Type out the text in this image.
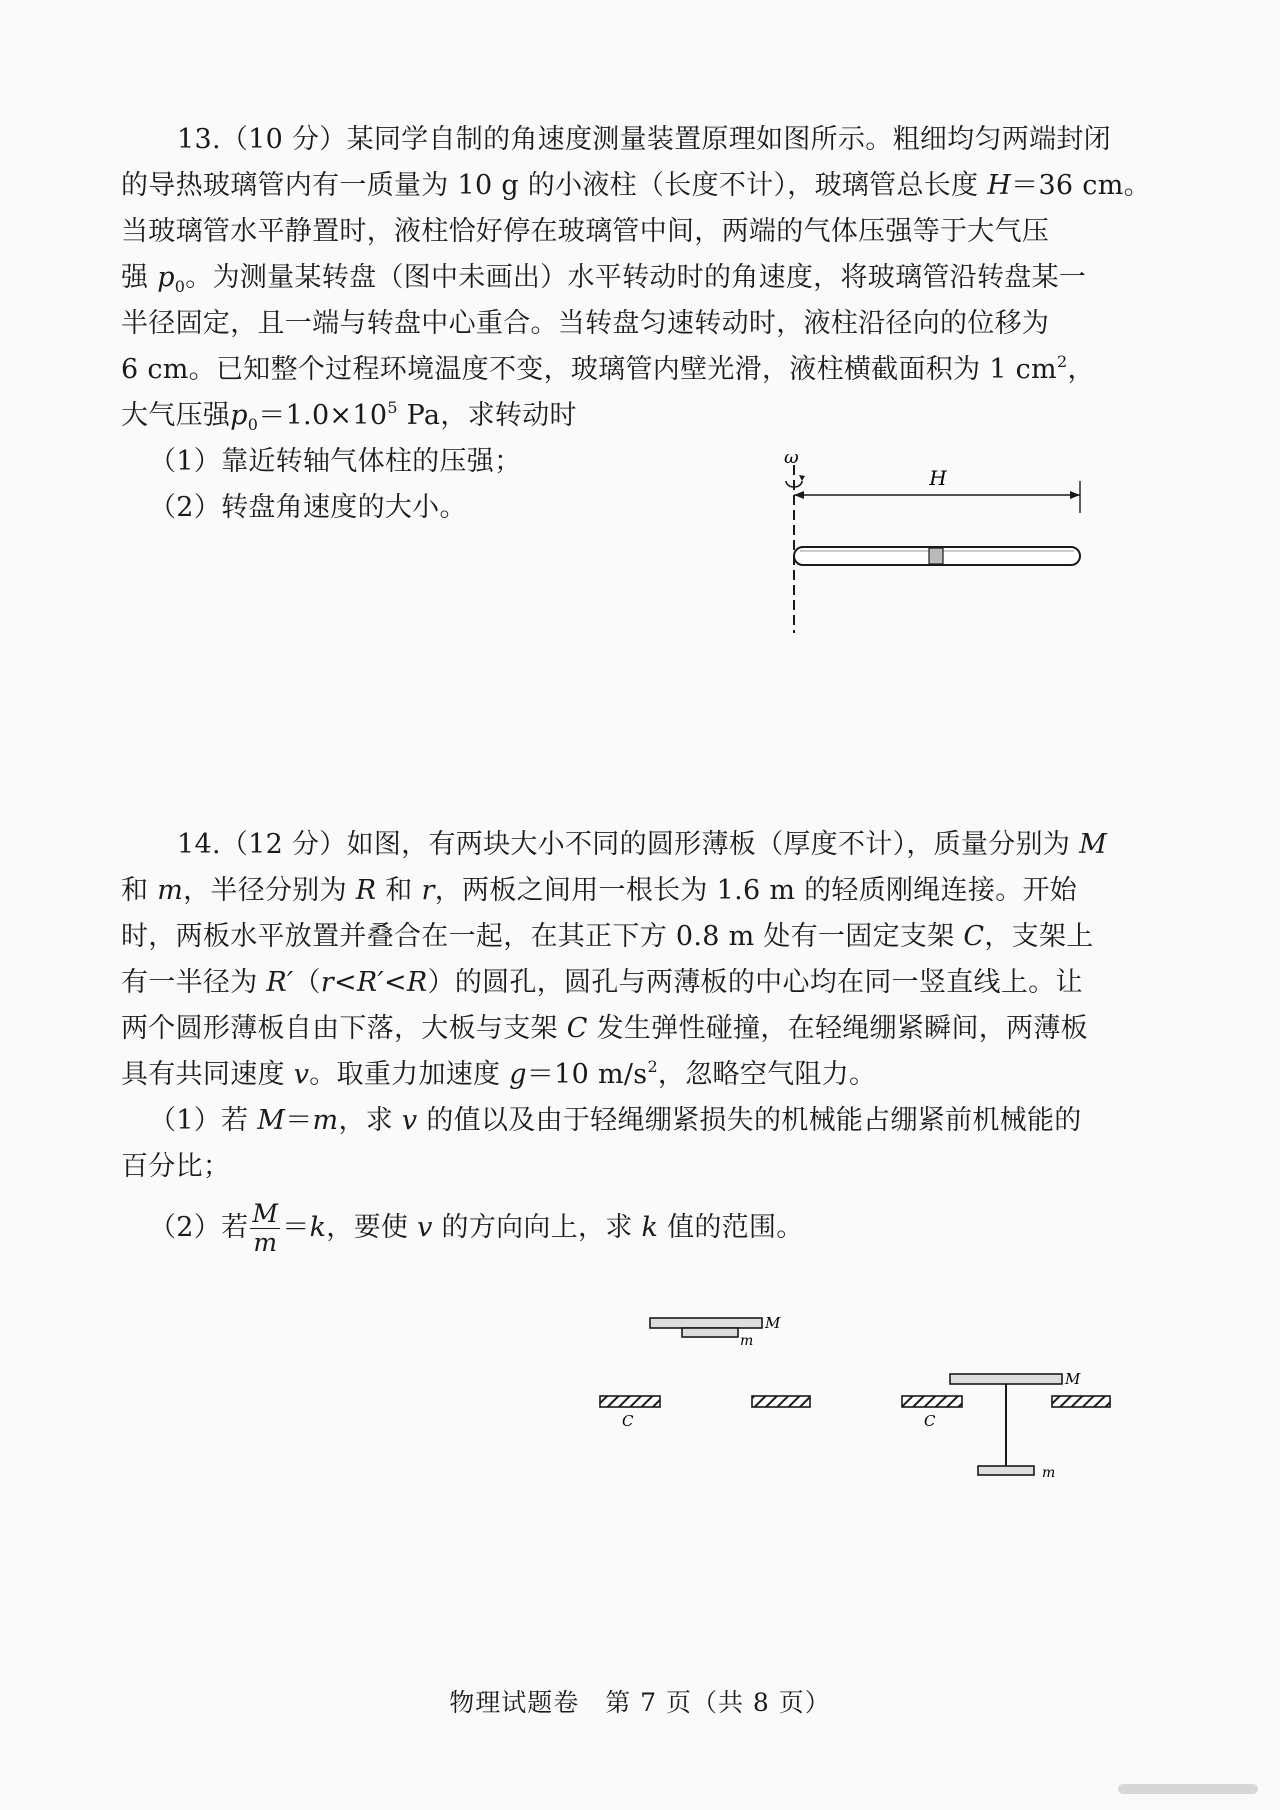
13.（10 分）某同学自制的角速度测量装置原理如图所示。粗细均匀两端封闭
的导热玻璃管内有一质量为 10 g 的小液柱（长度不计），玻璃管总长度 H＝36 cm。
当玻璃管水平静置时，液柱恰好停在玻璃管中间，两端的气体压强等于大气压
强 $p_0$。为测量某转盘（图中未画出）水平转动时的角速度，将玻璃管沿转盘某一
半径固定，且一端与转盘中心重合。当转盘匀速转动时，液柱沿径向的位移为
6 cm。已知整个过程环境温度不变，玻璃管内壁光滑，液柱横截面积为 1 $cm^2$，
大气压强$p_0=1.0\times 10^5$ Pa，求转动时
（1）靠近转轴气体柱的压强；
（2）转盘角速度的大小。
ω
H
14.（12 分）如图，有两块大小不同的圆形薄板（厚度不计），质量分别为 M
和 m，半径分别为 R 和 r，两板之间用一根长为 1.6 m 的轻质刚绳连接。开始
时，两板水平放置并叠合在一起，在其正下方 0.8 m 处有一固定支架 C，支架上
有一半径为 R′（r<R′<R）的圆孔，圆孔与两薄板的中心均在同一竖直线上。让
两个圆形薄板自由下落，大板与支架 C 发生弹性碰撞，在轻绳绷紧瞬间，两薄板
具有共同速度 v。取重力加速度 g＝10 $m/s^2$，忽略空气阻力。
（1）若 M＝m，求 v 的值以及由于轻绳绷紧损失的机械能占绷紧前机械能的
百分比；
（2）若 $\frac{M}{m} =k$，要使 v 的方向向上，求 k 值的范围。
M
m
C
M
m
C
物理试题卷　第 7 页（共 8 页）
